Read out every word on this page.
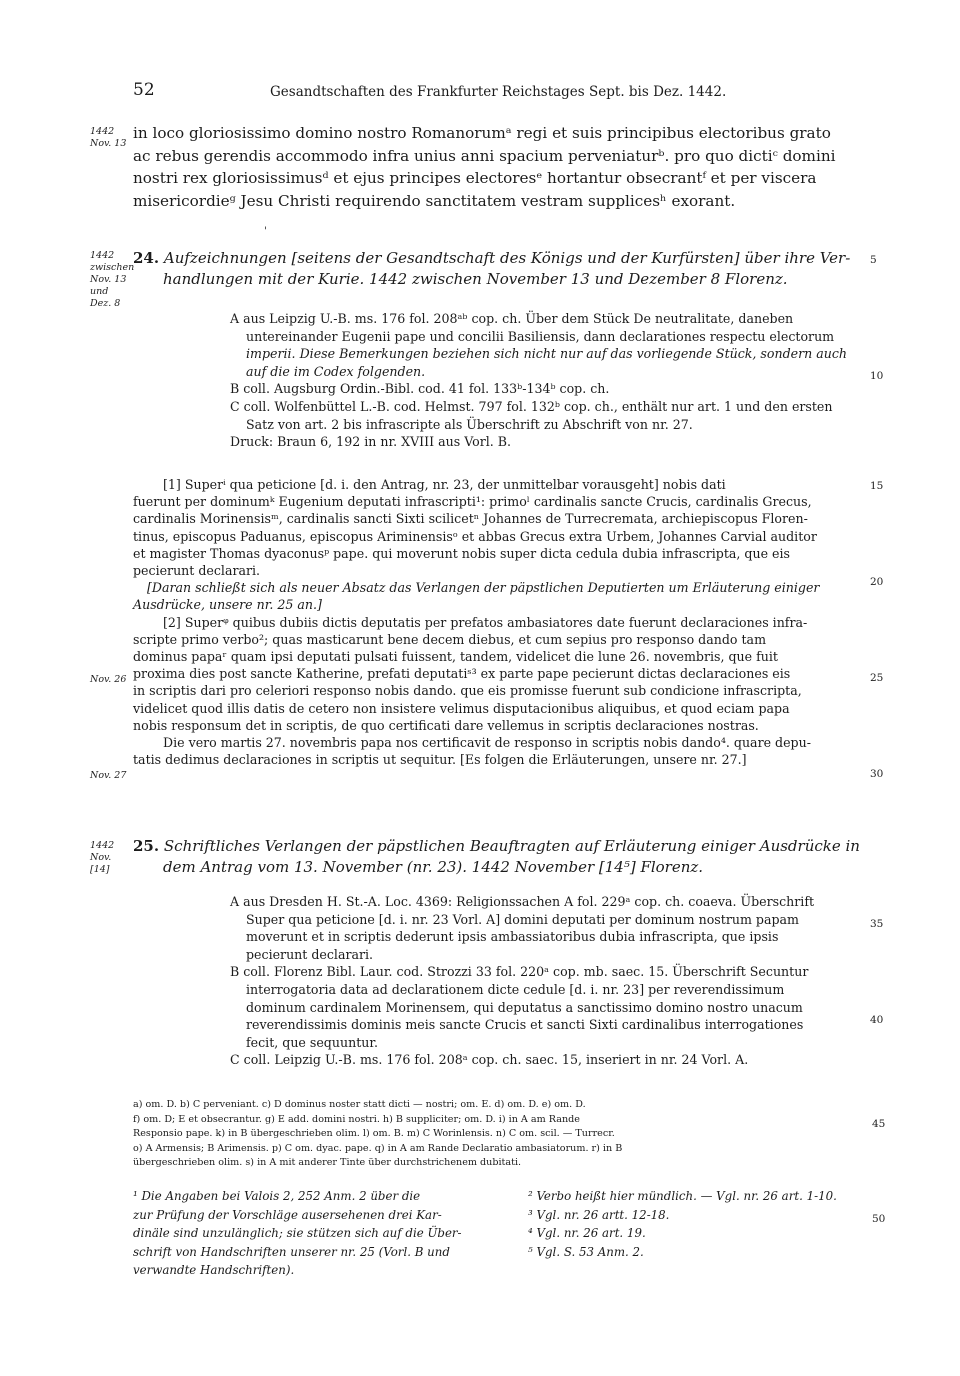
52	Gesandtschaften des Frankfurter Reichstages Sept. bis Dez. 1442.
1442
Nov. 13
in loco gloriosissimo domino nostro Romanorumᵃ regi et suis principibus electoribus grato
ac rebus gerendis accommodo infra unius anni spacium perveniaturᵇ. pro quo dictiᶜ domini
nostri rex gloriosissimusᵈ et ejus principes electoresᵉ hortantur obsecrantᶠ et per viscera
misericordieᵍ Jesu Christi requirendo sanctitatem vestram supplicesʰ exorant.
'
1442
zwischen
Nov. 13
und
Dez. 8
24. Aufzeichnungen [seitens der Gesandtschaft des Königs und der Kurfürsten] über ihre Ver-
handlungen mit der Kurie. 1442 zwischen November 13 und Dezember 8 Florenz.
5
A aus Leipzig U.-B. ms. 176 fol. 208ᵃᵇ cop. ch. Über dem Stück De neutralitate, daneben
untereinander Eugenii pape und concilii Basiliensis, dann declarationes respectu electorum
imperii. Diese Bemerkungen beziehen sich nicht nur auf das vorliegende Stück, sondern auch
auf die im Codex folgenden.
B coll. Augsburg Ordin.-Bibl. cod. 41 fol. 133ᵇ-134ᵇ cop. ch.
C coll. Wolfenbüttel L.-B. cod. Helmst. 797 fol. 132ᵇ cop. ch., enthält nur art. 1 und den ersten
Satz von art. 2 bis infrascripte als Überschrift zu Abschrift von nr. 27.
Druck: Braun 6, 192 in nr. XVIII aus Vorl. B.
10
[1] Superⁱ qua peticione [d. i. den Antrag, nr. 23, der unmittelbar vorausgeht] nobis dati
fuerunt per dominumᵏ Eugenium deputati infrascripti¹: primoˡ cardinalis sancte Crucis, cardinalis Grecus,
cardinalis Morinensisᵐ, cardinalis sancti Sixti scilicetⁿ Johannes de Turrecremata, archiepiscopus Floren-
tinus, episcopus Paduanus, episcopus Ariminensisᵒ et abbas Grecus extra Urbem, Johannes Carvial auditor
et magister Thomas dyaconusᵖ pape. qui moverunt nobis super dicta cedula dubia infrascripta, que eis
pecierunt declarari.
[Daran schließt sich als neuer Absatz das Verlangen der päpstlichen Deputierten um Erläuterung einiger
Ausdrücke, unsere nr. 25 an.]
[2] Superᵠ quibus dubiis dictis deputatis per prefatos ambasiatores date fuerunt declaraciones infra-
scripte primo verbo²; quas masticarunt bene decem diebus, et cum sepius pro responso dando tam
dominus papaʳ quam ipsi deputati pulsati fuissent, tandem, videlicet die lune 26. novembris, que fuit
proxima dies post sancte Katherine, prefati deputatiˢ³ ex parte pape pecierunt dictas declaraciones eis
in scriptis dari pro celeriori responso nobis dando. que eis promisse fuerunt sub condicione infrascripta,
videlicet quod illis datis de cetero non insistere velimus disputacionibus aliquibus, et quod eciam papa
nobis responsum det in scriptis, de quo certificati dare vellemus in scriptis declaraciones nostras.
Die vero martis 27. novembris papa nos certificavit de responso in scriptis nobis dando⁴. quare depu-
tatis dedimus declaraciones in scriptis ut sequitur. [Es folgen die Erläuterungen, unsere nr. 27.]
15
20
25
30
Nov. 26
Nov. 27
1442
Nov.
[14]
25. Schriftliches Verlangen der päpstlichen Beauftragten auf Erläuterung einiger Ausdrücke in
dem Antrag vom 13. November (nr. 23). 1442 November [14⁵] Florenz.
A aus Dresden H. St.-A. Loc. 4369: Religionssachen A fol. 229ᵃ cop. ch. coaeva. Überschrift
Super qua peticione [d. i. nr. 23 Vorl. A] domini deputati per dominum nostrum papam
moverunt et in scriptis dederunt ipsis ambassiatoribus dubia infrascripta, que ipsis
pecierunt declarari.
B coll. Florenz Bibl. Laur. cod. Strozzi 33 fol. 220ᵃ cop. mb. saec. 15. Überschrift Secuntur
interrogatoria data ad declarationem dicte cedule [d. i. nr. 23] per reverendissimum
dominum cardinalem Morinensem, qui deputatus a sanctissimo domino nostro unacum
reverendissimis dominis meis sancte Crucis et sancti Sixti cardinalibus interrogationes
fecit, que sequuntur.
C coll. Leipzig U.-B. ms. 176 fol. 208ᵃ cop. ch. saec. 15, inseriert in nr. 24 Vorl. A.
35
40
a) om. D. b) C perveniant. c) D dominus noster statt dicti — nostri; om. E. d) om. D. e) om. D.
f) om. D; E et obsecrantur. g) E add. domini nostri. h) B suppliciter; om. D. i) in A am Rande
Responsio pape. k) in B übergeschrieben olim. l) om. B. m) C Worinlensis. n) C om. scil. — Turrecr.
o) A Armensis; B Arimensis. p) C om. dyac. pape. q) in A am Rande Declaratio ambasiatorum. r) in B
übergeschrieben olim. s) in A mit anderer Tinte über durchstrichenem dubitati.
45
¹ Die Angaben bei Valois 2, 252 Anm. 2 über die
zur Prüfung der Vorschläge ausersehenen drei Kar-
dinäle sind unzulänglich; sie stützen sich auf die Über-
schrift von Handschriften unserer nr. 25 (Vorl. B und
verwandte Handschriften).
² Verbo heißt hier mündlich. — Vgl. nr. 26 art. 1-10.
³ Vgl. nr. 26 artt. 12-18.
⁴ Vgl. nr. 26 art. 19.
⁵ Vgl. S. 53 Anm. 2.
50
